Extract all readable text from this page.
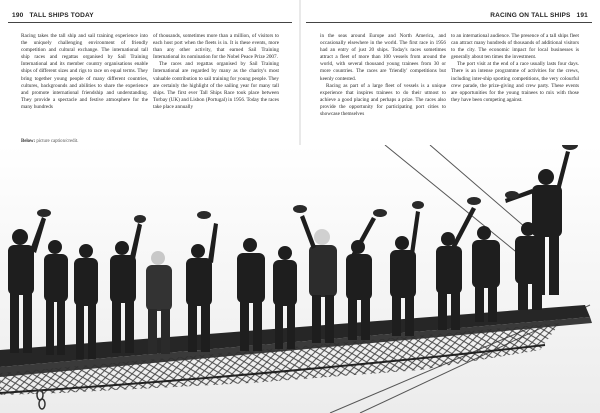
190 TALL SHIPS TODAY	RACING ON TALL SHIPS 191

Racing takes the tall ship and sail training experience into the uniquely challenging environment of friendly competition and cultural exchange. The international tall ship races and regattas organised by Sail Training International and its member country organisations enable ships of different sizes and rigs to race on equal terms. They bring together young people of many different countries, cultures, backgrounds and abilities to share the experience and promote international friendship and understanding. They provide a spectacle and festive atmosphere for the many hundreds

of thousands, sometimes more than a million, of visitors to each host port when the fleets is in. It is these events, more than any other activity, that earned Sail Training International its nomination for the Nobel Peace Prize 2007.

The races and regattas organised by Sail Training International are regarded by many as the charity's most valuable contribution to sail training for young people. They are certainly the highlight of the sailing year for many tall ships. The first ever Tall Ships Race took place between Torbay (UK) and Lisbon (Portugal) in 1956. Today the races take place annually

in the seas around Europe and North America, and occasionally elsewhere in the world. The first race in 1956 had an entry of just 20 ships. Today's races sometimes attract a fleet of more than 100 vessels from around the world, with several thousand young trainees from 30 or more countries. The races are 'friendly' competitions but keenly contested.

Racing as part of a large fleet of vessels is a unique experience that inspires trainees to do their utmost to achieve a good placing and perhaps a prize. The races also provide the opportunity for participating port cities to showcase themselves

to an international audience. The presence of a tall ships fleet can attract many hundreds of thousands of additional visitors to the city. The economic impact for local businesses is generally about ten times the investment.

The port visit at the end of a race usually lasts four days. There is an intense programme of activities for the crews, including inter-ship sporting competitions, the very colourful crew parade, the prize-giving and crew party. These events are opportunities for the young trainees to mix with those they have been competing against.

Below: picture caption/credit.
